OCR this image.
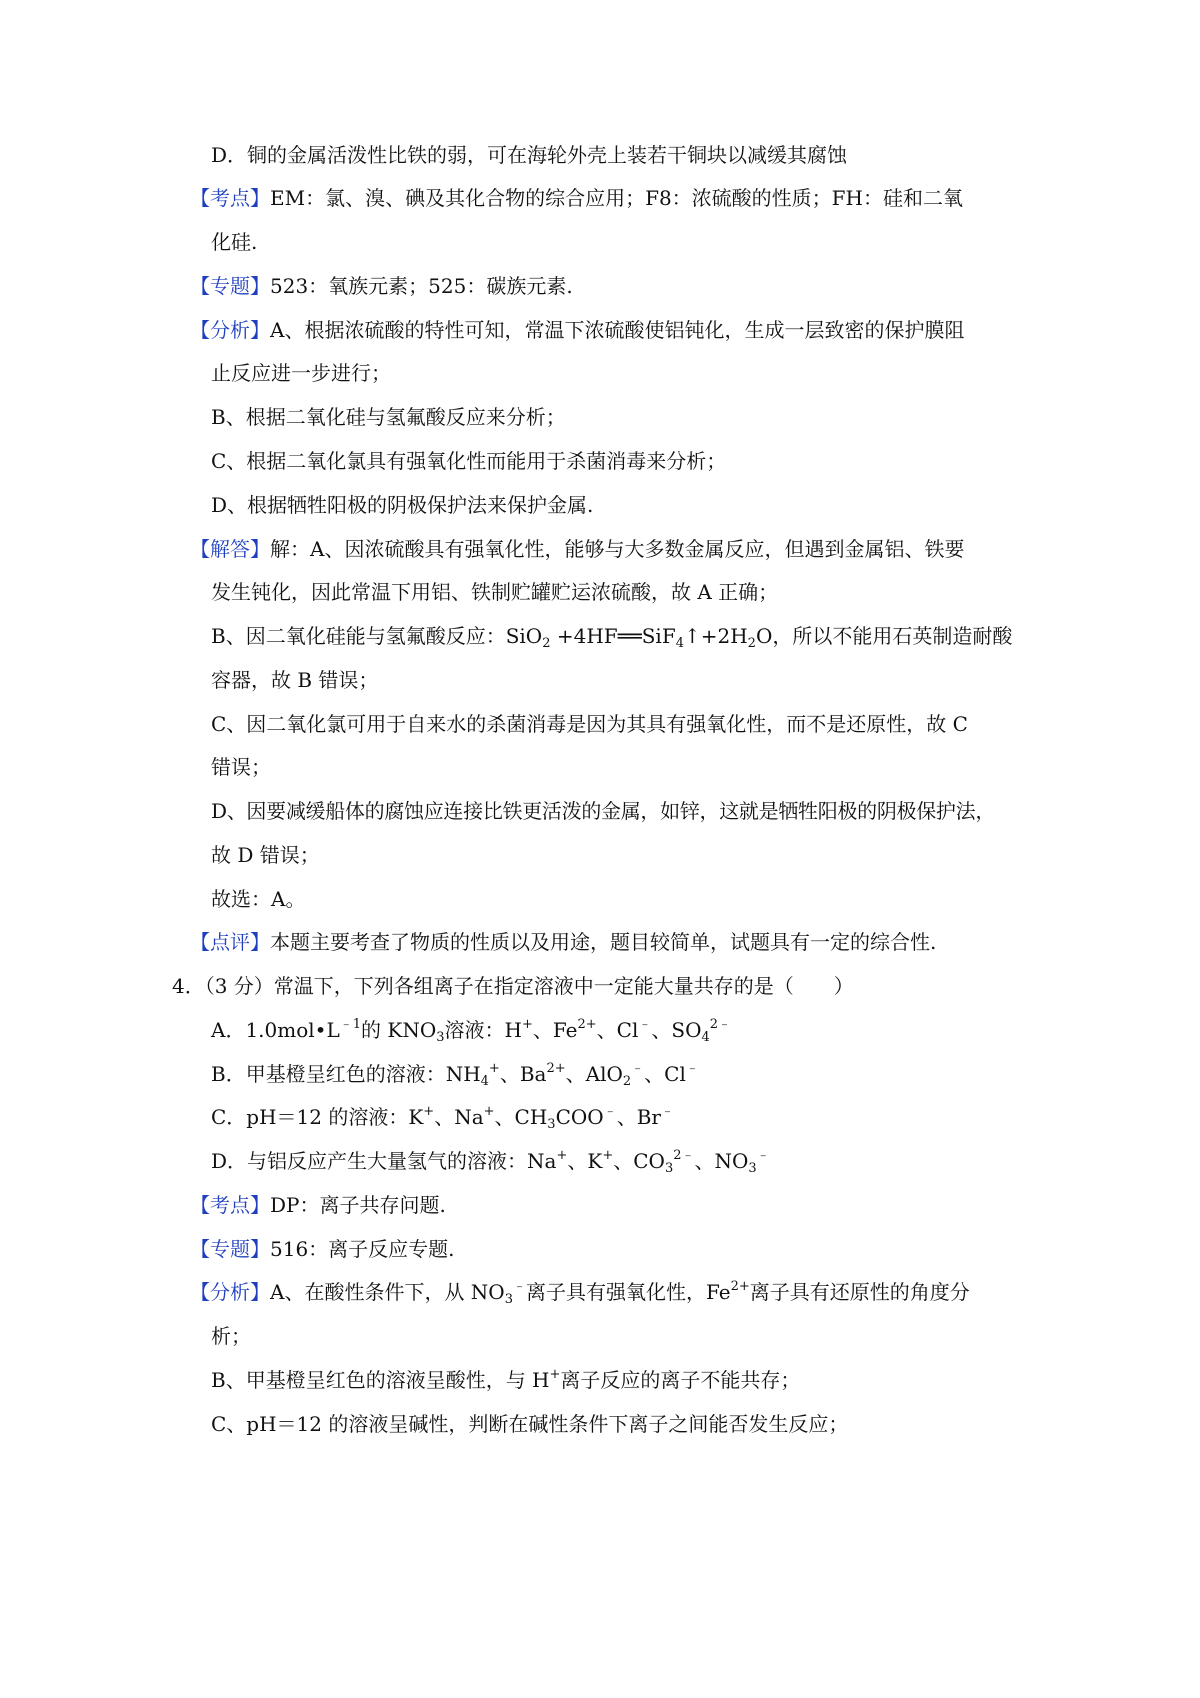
D．铜的金属活泼性比铁的弱，可在海轮外壳上装若干铜块以减缓其腐蚀
【考点】EM：氯、溴、碘及其化合物的综合应用；F8：浓硫酸的性质；FH：硅和二氧
化硅.
【专题】523：氧族元素；525：碳族元素.
【分析】A、根据浓硫酸的特性可知，常温下浓硫酸使铝钝化，生成一层致密的保护膜阻
止反应进一步进行；
B、根据二氧化硅与氢氟酸反应来分析；
C、根据二氧化氯具有强氧化性而能用于杀菌消毒来分析；
D、根据牺牲阳极的阴极保护法来保护金属.
【解答】解：A、因浓硫酸具有强氧化性，能够与大多数金属反应，但遇到金属铝、铁要
发生钝化，因此常温下用铝、铁制贮罐贮运浓硫酸，故 A 正确；
B、因二氧化硅能与氢氟酸反应：$SiO_2 +4HF══SiF_4↑+2H_2O$，所以不能用石英制造耐酸
容器，故 B 错误；
C、因二氧化氯可用于自来水的杀菌消毒是因为其具有强氧化性，而不是还原性，故 C
错误；
D、因要减缓船体的腐蚀应连接比铁更活泼的金属，如锌，这就是牺牲阳极的阴极保护法，
故 D 错误；
故选：A。
【点评】本题主要考查了物质的性质以及用途，题目较简单，试题具有一定的综合性.
4．（3 分）常温下，下列各组离子在指定溶液中一定能大量共存的是（　　）
A．$1.0mol•L^{﹣1}$的 $KNO_3$溶液：H+、$Fe^{2+}$、Cl﹣、$SO_4^{2﹣}$
B．甲基橙呈红色的溶液：$NH_4^+$、$Ba^{2+}$、AlO$_2$﹣、Cl﹣
C．pH＝12 的溶液：K+、Na+、$CH_3COO^﹣$、Br﹣
D．与铝反应产生大量氢气的溶液：Na+、K+、$CO_3^{2﹣}$、$NO_3^﹣$
【考点】DP：离子共存问题.
【专题】516：离子反应专题.
【分析】A、在酸性条件下，从 $NO_3^﹣$离子具有强氧化性，$Fe^{2+}$离子具有还原性的角度分
析；
B、甲基橙呈红色的溶液呈酸性，与 H+离子反应的离子不能共存；
C、pH＝12 的溶液呈碱性，判断在碱性条件下离子之间能否发生反应；
